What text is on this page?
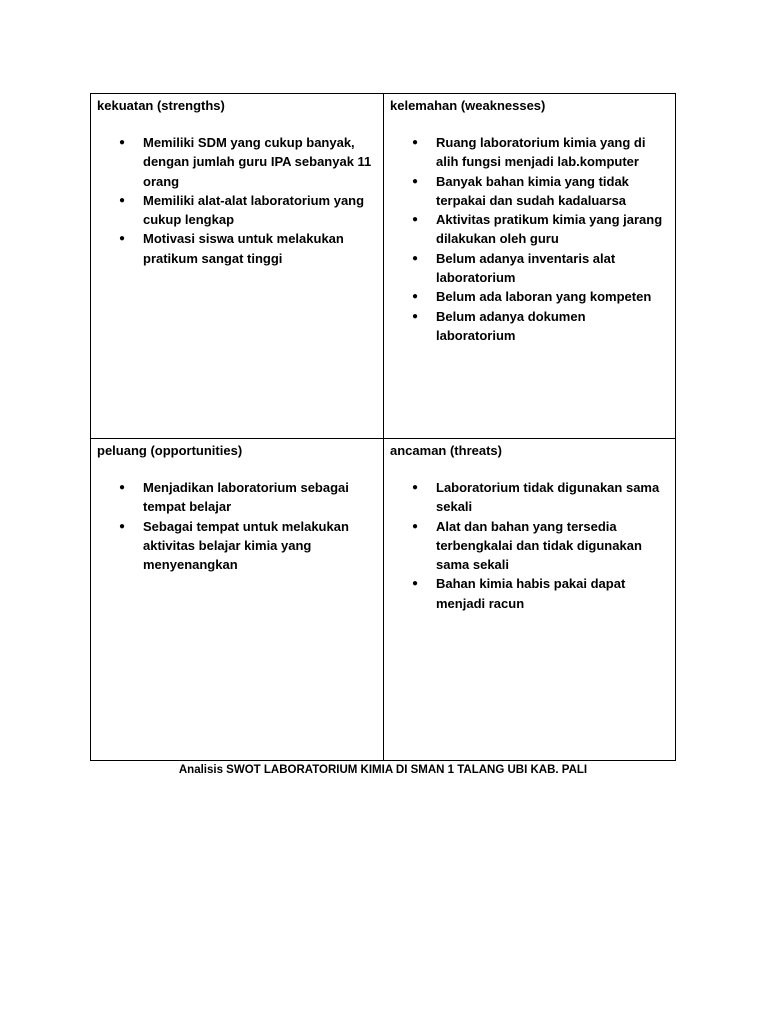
kekuatan (strengths)

● Memiliki SDM yang cukup banyak, dengan jumlah guru IPA sebanyak 11 orang
● Memiliki alat-alat laboratorium yang cukup lengkap
● Motivasi siswa untuk melakukan pratikum sangat tinggi

kelemahan (weaknesses)

● Ruang laboratorium kimia yang di alih fungsi menjadi lab.komputer
● Banyak bahan kimia yang tidak terpakai dan sudah kadaluarsa
● Aktivitas pratikum kimia yang jarang dilakukan oleh guru
● Belum adanya inventaris alat laboratorium
● Belum ada laboran yang kompeten
● Belum adanya dokumen laboratorium

peluang (opportunities)

● Menjadikan laboratorium sebagai tempat belajar
● Sebagai tempat untuk melakukan aktivitas belajar kimia yang menyenangkan

ancaman (threats)

● Laboratorium tidak digunakan sama sekali
● Alat dan bahan yang tersedia terbengkalai dan tidak digunakan sama sekali
● Bahan kimia habis pakai dapat menjadi racun
Analisis SWOT LABORATORIUM KIMIA DI SMAN 1 TALANG UBI KAB. PALI
